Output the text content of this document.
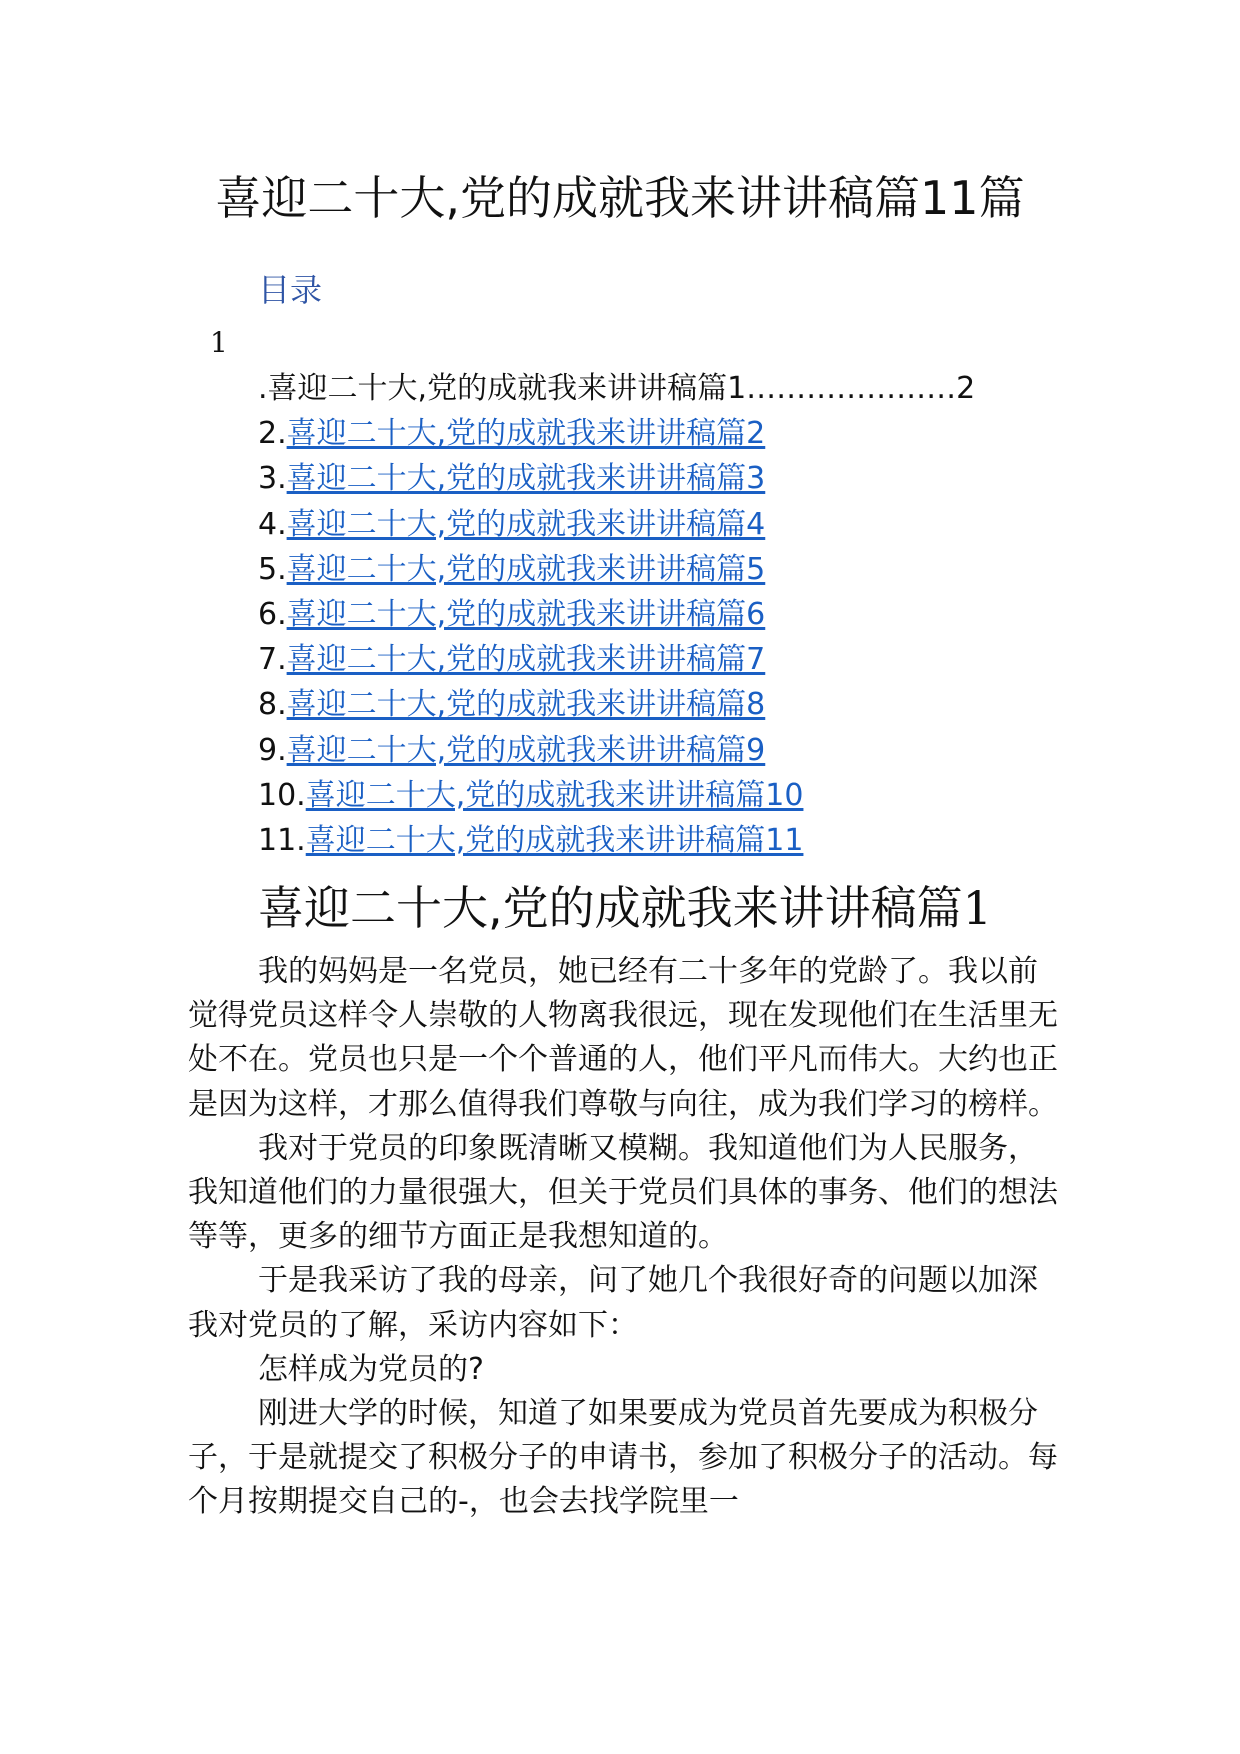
喜迎二十大,党的成就我来讲讲稿篇11篇
目录
1
.喜迎二十大,党的成就我来讲讲稿篇1…………………2
2.喜迎二十大,党的成就我来讲讲稿篇2
3.喜迎二十大,党的成就我来讲讲稿篇3
4.喜迎二十大,党的成就我来讲讲稿篇4
5.喜迎二十大,党的成就我来讲讲稿篇5
6.喜迎二十大,党的成就我来讲讲稿篇6
7.喜迎二十大,党的成就我来讲讲稿篇7
8.喜迎二十大,党的成就我来讲讲稿篇8
9.喜迎二十大,党的成就我来讲讲稿篇9
10.喜迎二十大,党的成就我来讲讲稿篇10
11.喜迎二十大,党的成就我来讲讲稿篇11
喜迎二十大,党的成就我来讲讲稿篇1

我的妈妈是一名党员，她已经有二十多年的党龄了。我以前觉得党员这样令人崇敬的人物离我很远，现在发现他们在生活里无处不在。党员也只是一个个普通的人，他们平凡而伟大。大约也正是因为这样，才那么值得我们尊敬与向往，成为我们学习的榜样。

我对于党员的印象既清晰又模糊。我知道他们为人民服务，我知道他们的力量很强大，但关于党员们具体的事务、他们的想法等等，更多的细节方面正是我想知道的。

于是我采访了我的母亲，问了她几个我很好奇的问题以加深我对党员的了解，采访内容如下：

怎样成为党员的?

刚进大学的时候，知道了如果要成为党员首先要成为积极分子，于是就提交了积极分子的申请书，参加了积极分子的活动。每个月按期提交自己的-，也会去找学院里一
